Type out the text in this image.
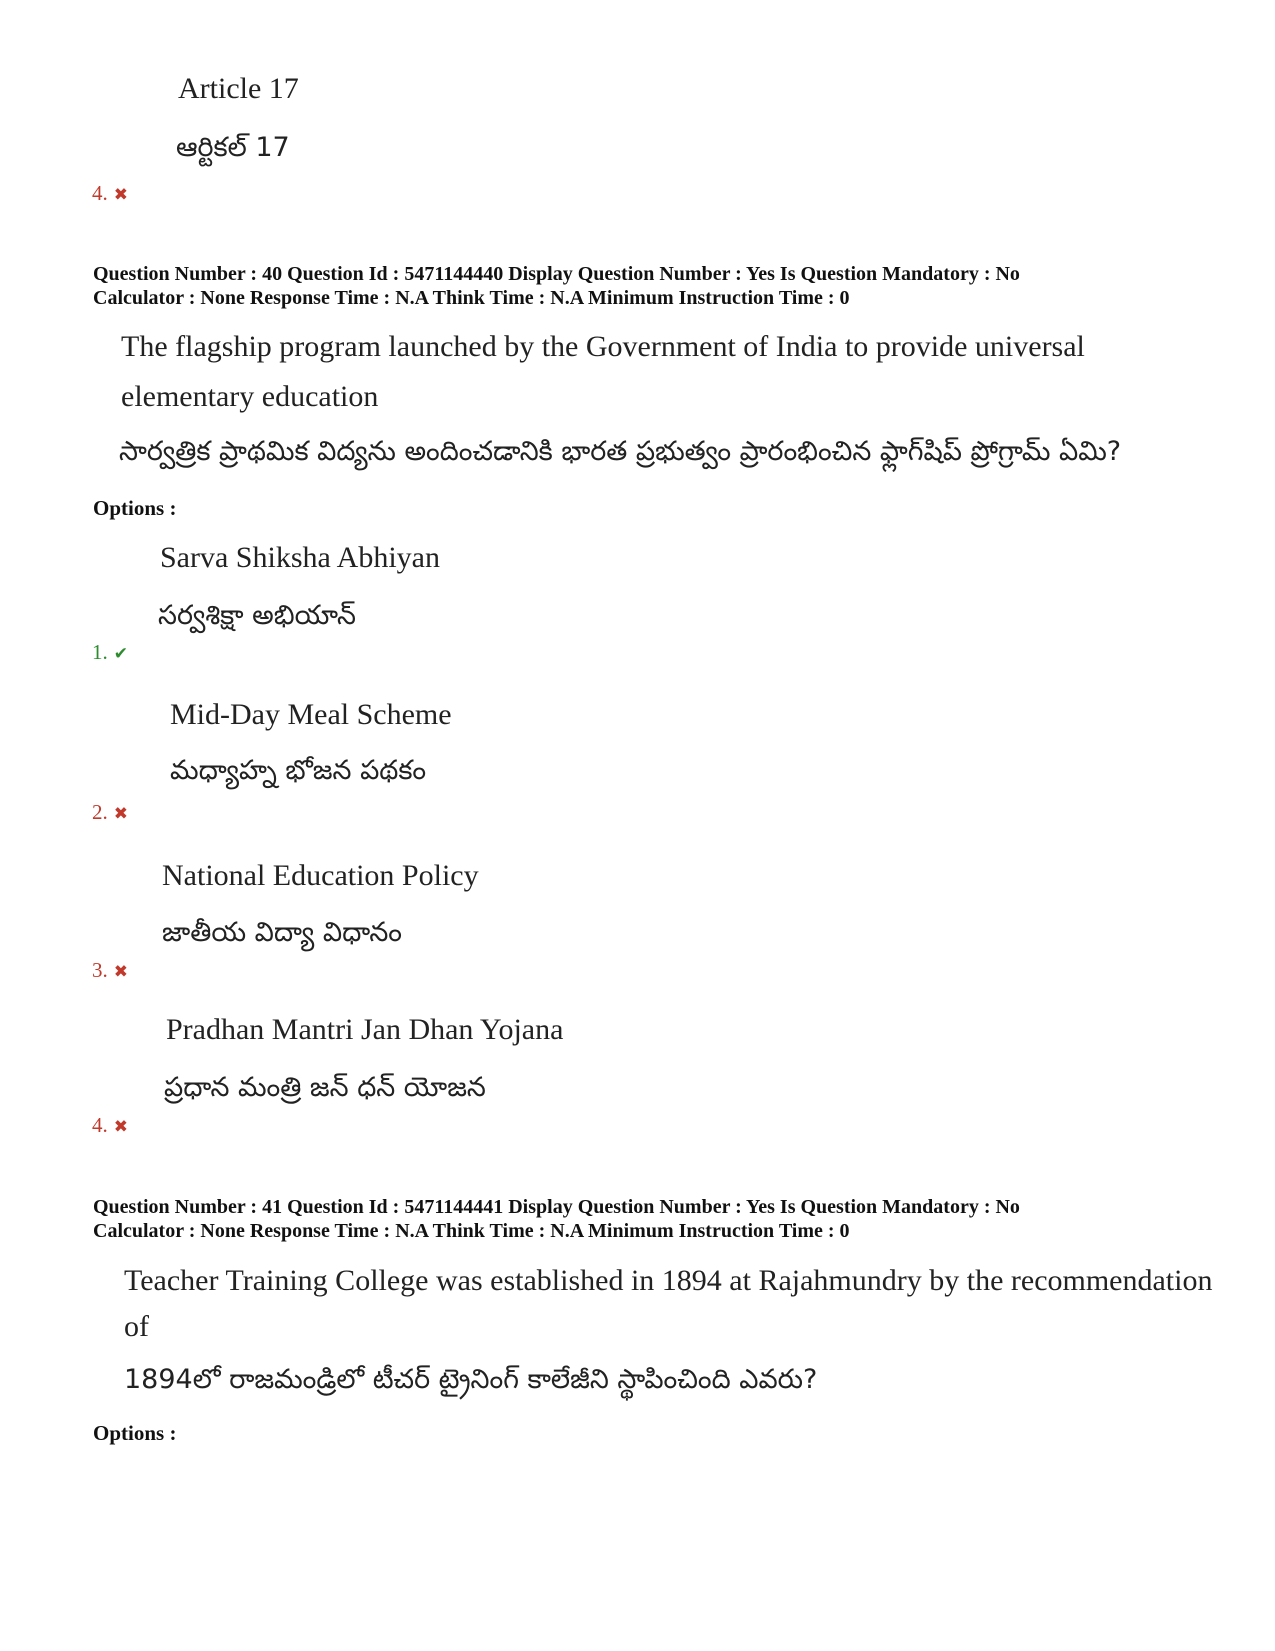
Article 17
ఆర్టికల్ 17
4. ✖
Question Number : 40 Question Id : 5471144440 Display Question Number : Yes Is Question Mandatory : No
Calculator : None Response Time : N.A Think Time : N.A Minimum Instruction Time : 0
The flagship program launched by the Government of India to provide universal
elementary education
సార్వత్రిక ప్రాథమిక విద్యను అందించడానికి భారత ప్రభుత్వం ప్రారంభించిన ఫ్లాగ్‌షిప్ ప్రోగ్రామ్ ఏమి?
Options :
Sarva Shiksha Abhiyan
సర్వశిక్షా అభియాన్
1. ✔
Mid-Day Meal Scheme
మధ్యాహ్న భోజన పథకం
2. ✖
National Education Policy
జాతీయ విద్యా విధానం
3. ✖
Pradhan Mantri Jan Dhan Yojana
ప్రధాన మంత్రి జన్ ధన్ యోజన
4. ✖
Question Number : 41 Question Id : 5471144441 Display Question Number : Yes Is Question Mandatory : No
Calculator : None Response Time : N.A Think Time : N.A Minimum Instruction Time : 0
Teacher Training College was established in 1894 at Rajahmundry by the recommendation
of
1894లో రాజమండ్రిలో టీచర్ ట్రైనింగ్ కాలేజీని స్థాపించింది ఎవరు?
Options :
